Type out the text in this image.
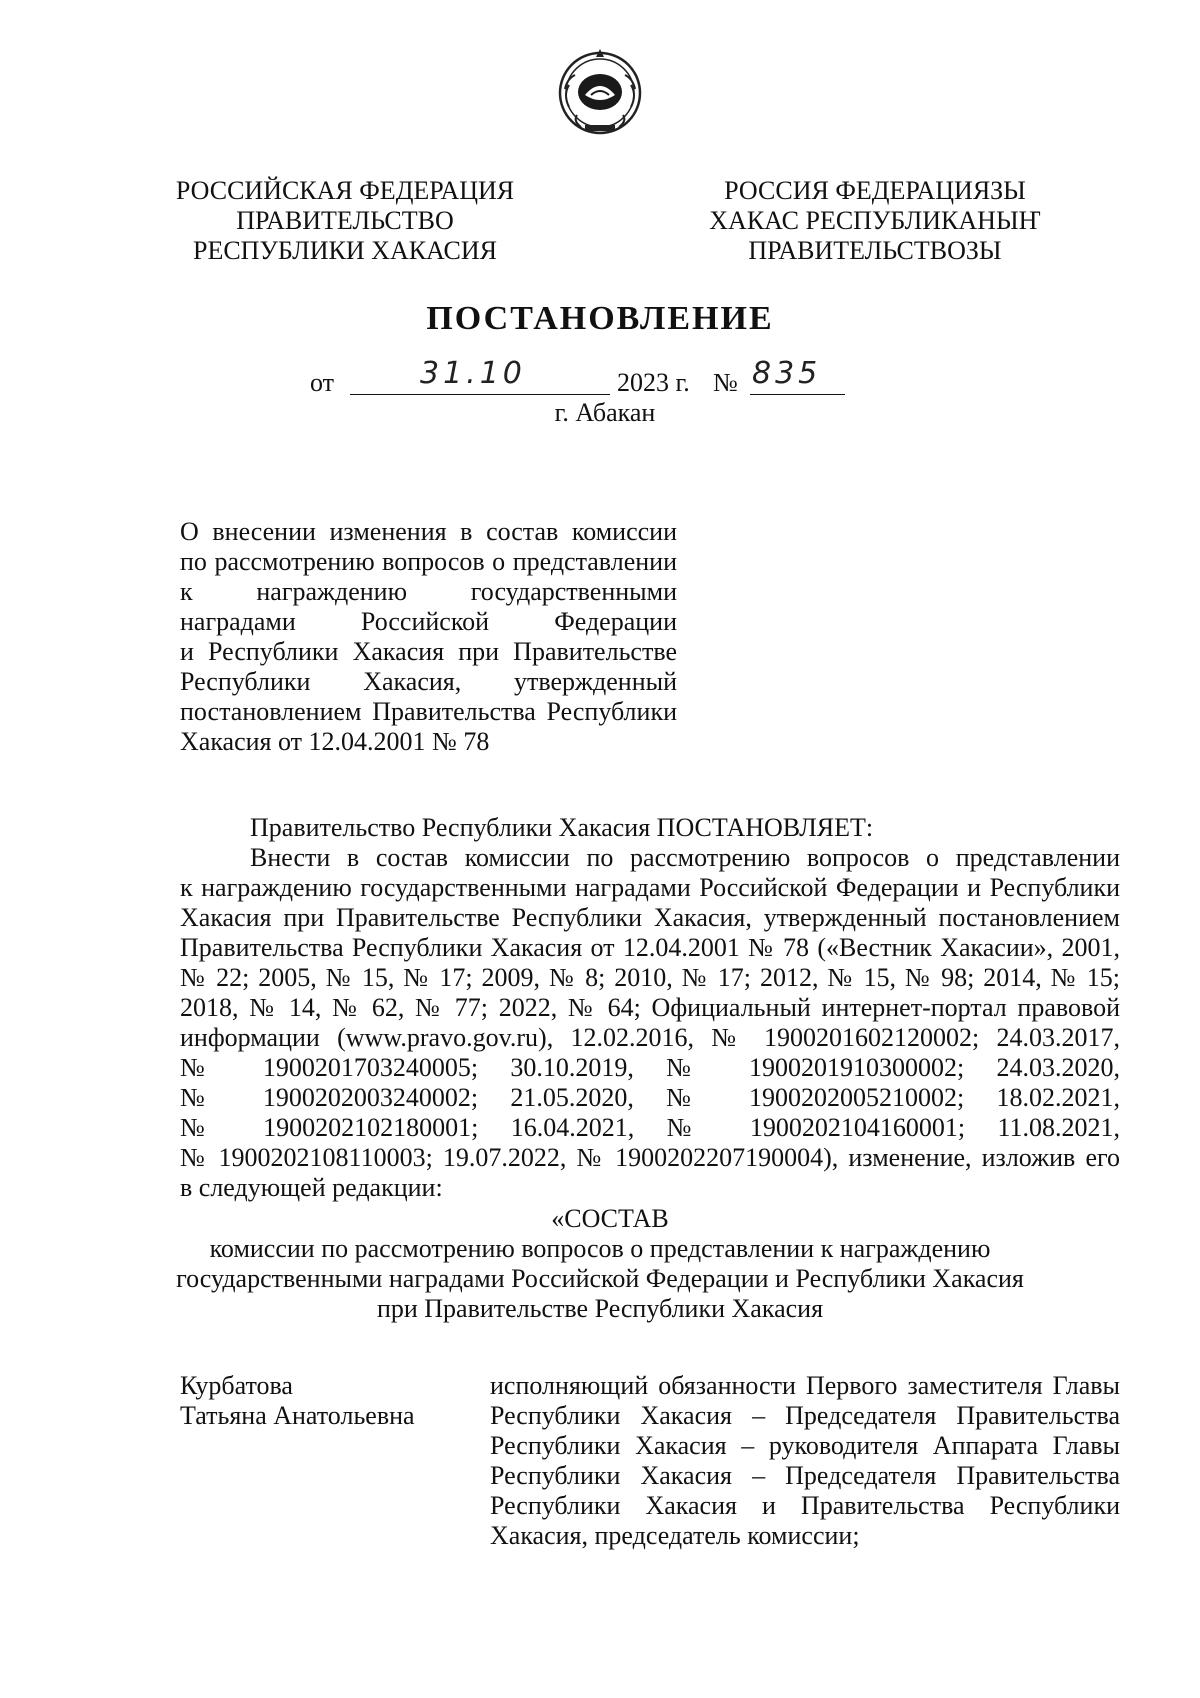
РОССИЙСКАЯ ФЕДЕРАЦИЯ
ПРАВИТЕЛЬСТВО
РЕСПУБЛИКИ ХАКАСИЯ
РОССИЯ ФЕДЕРАЦИЯЗЫ
ХАКАС РЕСПУБЛИКАНЫҤ
ПРАВИТЕЛЬСТВОЗЫ
ПОСТАНОВЛЕНИЕ
от	31.10	2023 г. № 835
г. Абакан
О внесении изменения в состав комиссии
по рассмотрению вопросов о представлении
к награждению государственными
наградами Российской Федерации
и Республики Хакасия при Правительстве
Республики Хакасия, утвержденный
постановлением Правительства Республики
Хакасия от 12.04.2001 № 78
Правительство Республики Хакасия ПОСТАНОВЛЯЕТ:
Внести в состав комиссии по рассмотрению вопросов о представлении
к награждению государственными наградами Российской Федерации и Республики
Хакасия при Правительстве Республики Хакасия, утвержденный постановлением
Правительства Республики Хакасия от 12.04.2001 № 78 («Вестник Хакасии», 2001,
№ 22; 2005, № 15, № 17; 2009, № 8; 2010, № 17; 2012, № 15, № 98; 2014, № 15;
2018, № 14, № 62, № 77; 2022, № 64; Официальный интернет-портал правовой
информации (www.pravo.gov.ru), 12.02.2016, № 1900201602120002; 24.03.2017,
№ 1900201703240005; 30.10.2019, № 1900201910300002; 24.03.2020,
№ 1900202003240002; 21.05.2020, № 1900202005210002; 18.02.2021,
№ 1900202102180001; 16.04.2021, № 1900202104160001; 11.08.2021,
№ 1900202108110003; 19.07.2022, № 1900202207190004), изменение, изложив его
в следующей редакции:
«СОСТАВ
комиссии по рассмотрению вопросов о представлении к награждению
государственными наградами Российской Федерации и Республики Хакасия
при Правительстве Республики Хакасия
Курбатова
Татьяна Анатольевна
исполняющий обязанности Первого заместителя Главы
Республики Хакасия – Председателя Правительства
Республики Хакасия – руководителя Аппарата Главы
Республики Хакасия – Председателя Правительства
Республики Хакасия и Правительства Республики
Хакасия, председатель комиссии;
